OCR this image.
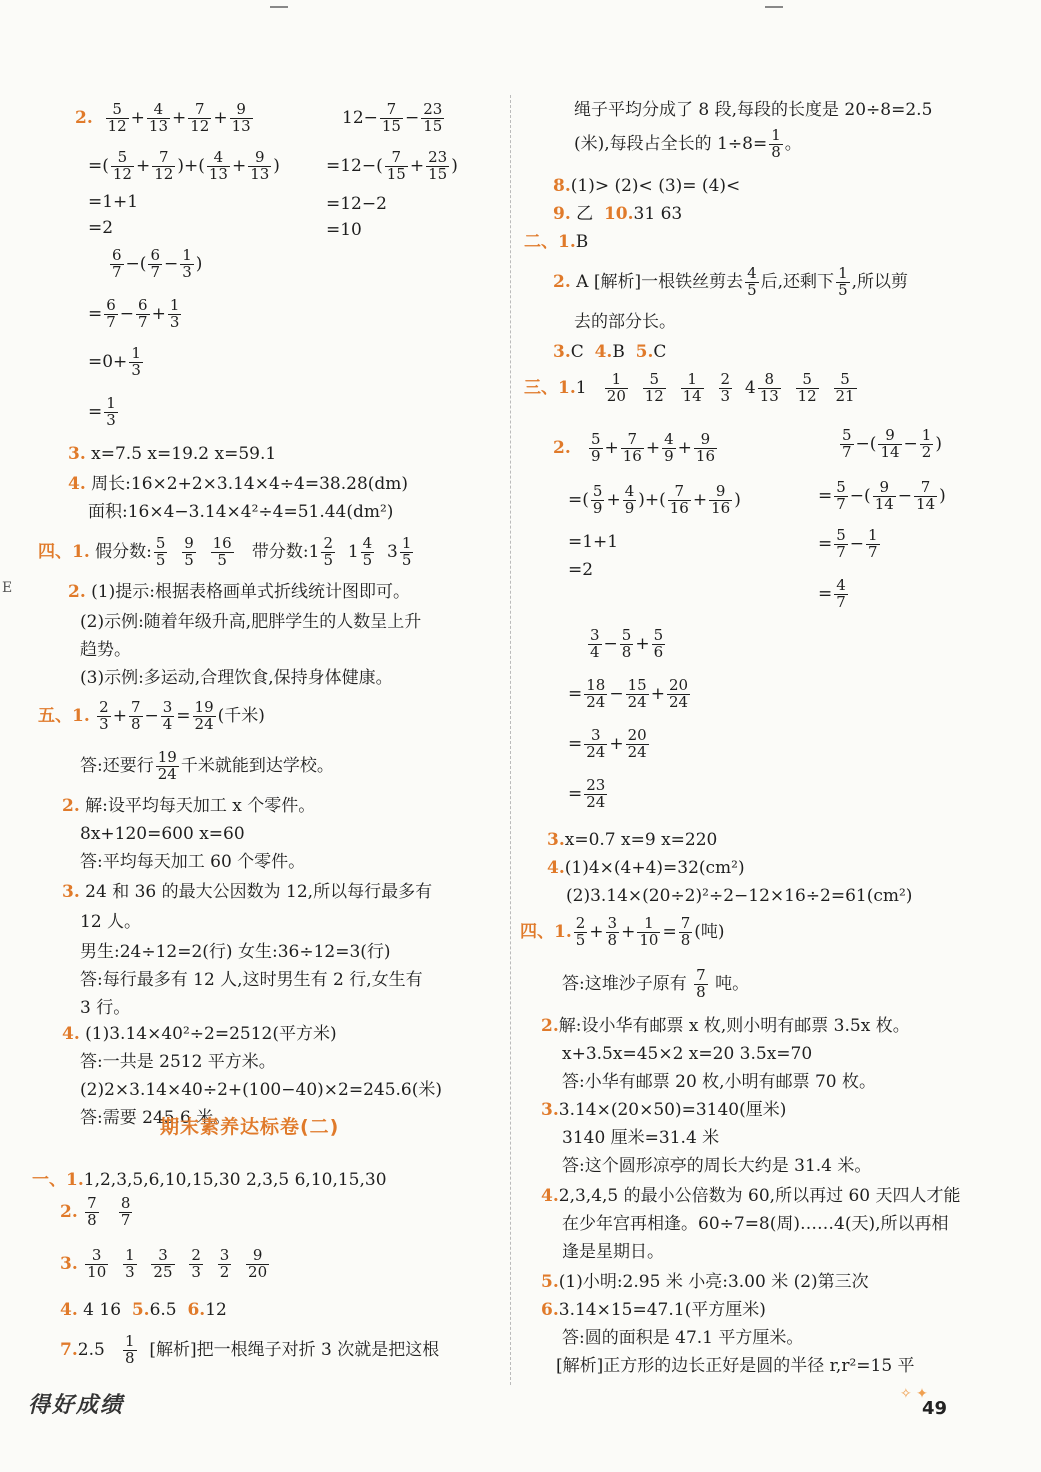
E
2. $\frac{5}{12} + \frac{4}{13} + \frac{7}{12} + \frac{9}{13}$	$12- \frac{7}{15} - \frac{23}{15}$
=( $\frac{5}{12} + \frac{7}{12}$ )+( $\frac{4}{13} + \frac{9}{13}$ )	$=12-( \frac{7}{15} + \frac{23}{15}$ )
=1+1
=2
=12−2
=10
$\frac{6}{7}$ −( $\frac{6}{7} - \frac{1}{3}$ )
= $\frac{6}{7} - \frac{6}{7} + \frac{1}{3}$
$=0+ \frac{1}{3}$
= $\frac{1}{3}$
3. x=7.5 x=19.2 x=59.1
4. 周长:16×2+2×3.14×4÷4=38.28(dm)
面积:16×4−3.14×4²÷4=51.44(dm²)
四、1. 假分数: $\frac{5}{5}$
$\frac{9}{5}$
$\frac{16}{5}$ 带分数:1 $\frac{2}{5} 1 \frac{4}{5} 3 \frac{1}{5}$
2. (1)提示:根据表格画单式折线统计图即可。
(2)示例:随着年级升高,肥胖学生的人数呈上升
趋势。
(3)示例:多运动,合理饮食,保持身体健康。
五、1. $\frac{2}{3} + \frac{7}{8} - \frac{3}{4} = \frac{19}{24}$ (千米)
答:还要行 $\frac{19}{24}$ 千米就能到达学校。
2. 解:设平均每天加工 x 个零件。
8x+120=600 x=60
答:平均每天加工 60 个零件。
3. 24 和 36 的最大公因数为 12,所以每行最多有
12 人。
男生:24÷12=2(行) 女生:36÷12=3(行)
答:每行最多有 12 人,这时男生有 2 行,女生有
3 行。
4. (1)3.14×40²÷2=2512(平方米)
答:一共是 2512 平方米。
(2)2×3.14×40÷2+(100−40)×2=245.6(米)
答:需要 245.6 米。
期末素养达标卷(二)
一、1.1,2,3,5,6,10,15,30 2,3,5 6,10,15,30
2. $\frac{7}{8}$
$\frac{8}{7}$
3. $\frac{3}{10}$
$\frac{1}{3}$
$\frac{3}{25}$
$\frac{2}{3}$
$\frac{3}{2}$
$\frac{9}{20}$
4. 4 16 5.6.5 6.12
$7.2.5 \frac{1}{8}$ [解析]把一根绳子对折 3 次就是把这根
绳子平均分成了 8 段,每段的长度是 20÷8=2.5
(米),每段占全长的 $1\div 8= \frac{1}{8}$ 。
8.(1)> (2)< (3)= (4)<
9. 乙 10.31 63
二、1.B
2. A [解析]一根铁丝剪去 $\frac{4}{5}$ 后,还剩下 $\frac{1}{5}$ ,所以剪
去的部分长。
3.C 4.B 5.C
三、$1.1 \frac{1}{20}$
$\frac{5}{12}$
$\frac{1}{14}$
$\frac{2}{3} 4 \frac{8}{13}$
$\frac{5}{12}$
$\frac{5}{21}$
2. $\frac{5}{9} + \frac{7}{16} + \frac{4}{9} + \frac{9}{16}$	$\frac{5}{7}$ −( $\frac{9}{14} - \frac{1}{2}$ )
=( $\frac{5}{9} + \frac{4}{9}$ )+( $\frac{7}{16} + \frac{9}{16}$ )	= $\frac{5}{7}$ −( $\frac{9}{14} - \frac{7}{14}$ )
=1+1
=2
= $\frac{5}{7} - \frac{1}{7}$
= $\frac{4}{7}$
$\frac{3}{4} - \frac{5}{8} + \frac{5}{6}$
= $\frac{18}{24} - \frac{15}{24} + \frac{20}{24}$
= $\frac{3}{24} + \frac{20}{24}$
= $\frac{23}{24}$
3.x=0.7 x=9 x=220
4.(1)4×(4+4)=32(cm²)
(2)3.14×(20÷2)²÷2−12×16÷2=61(cm²)
四、1. $\frac{2}{5} + \frac{3}{8} + \frac{1}{10} = \frac{7}{8}$ (吨)
答:这堆沙子原有 $\frac{7}{8}$ 吨。
2.解:设小华有邮票 x 枚,则小明有邮票 3.5x 枚。
x+3.5x=45×2 x=20 3.5x=70
答:小华有邮票 20 枚,小明有邮票 70 枚。
3.3.14×(20×50)=3140(厘米)
3140 厘米=31.4 米
答:这个圆形凉亭的周长大约是 31.4 米。
4.2,3,4,5 的最小公倍数为 60,所以再过 60 天四人才能
在少年宫再相逢。60÷7=8(周)……4(天),所以再相
逢是星期日。
5.(1)小明:2.95 米 小亮:3.00 米 (2)第三次
6.3.14×15=47.1(平方厘米)
答:圆的面积是 47.1 平方厘米。
[解析]正方形的边长正好是圆的半径 r,r²=15 平
得好成绩	✧ ✦
49
